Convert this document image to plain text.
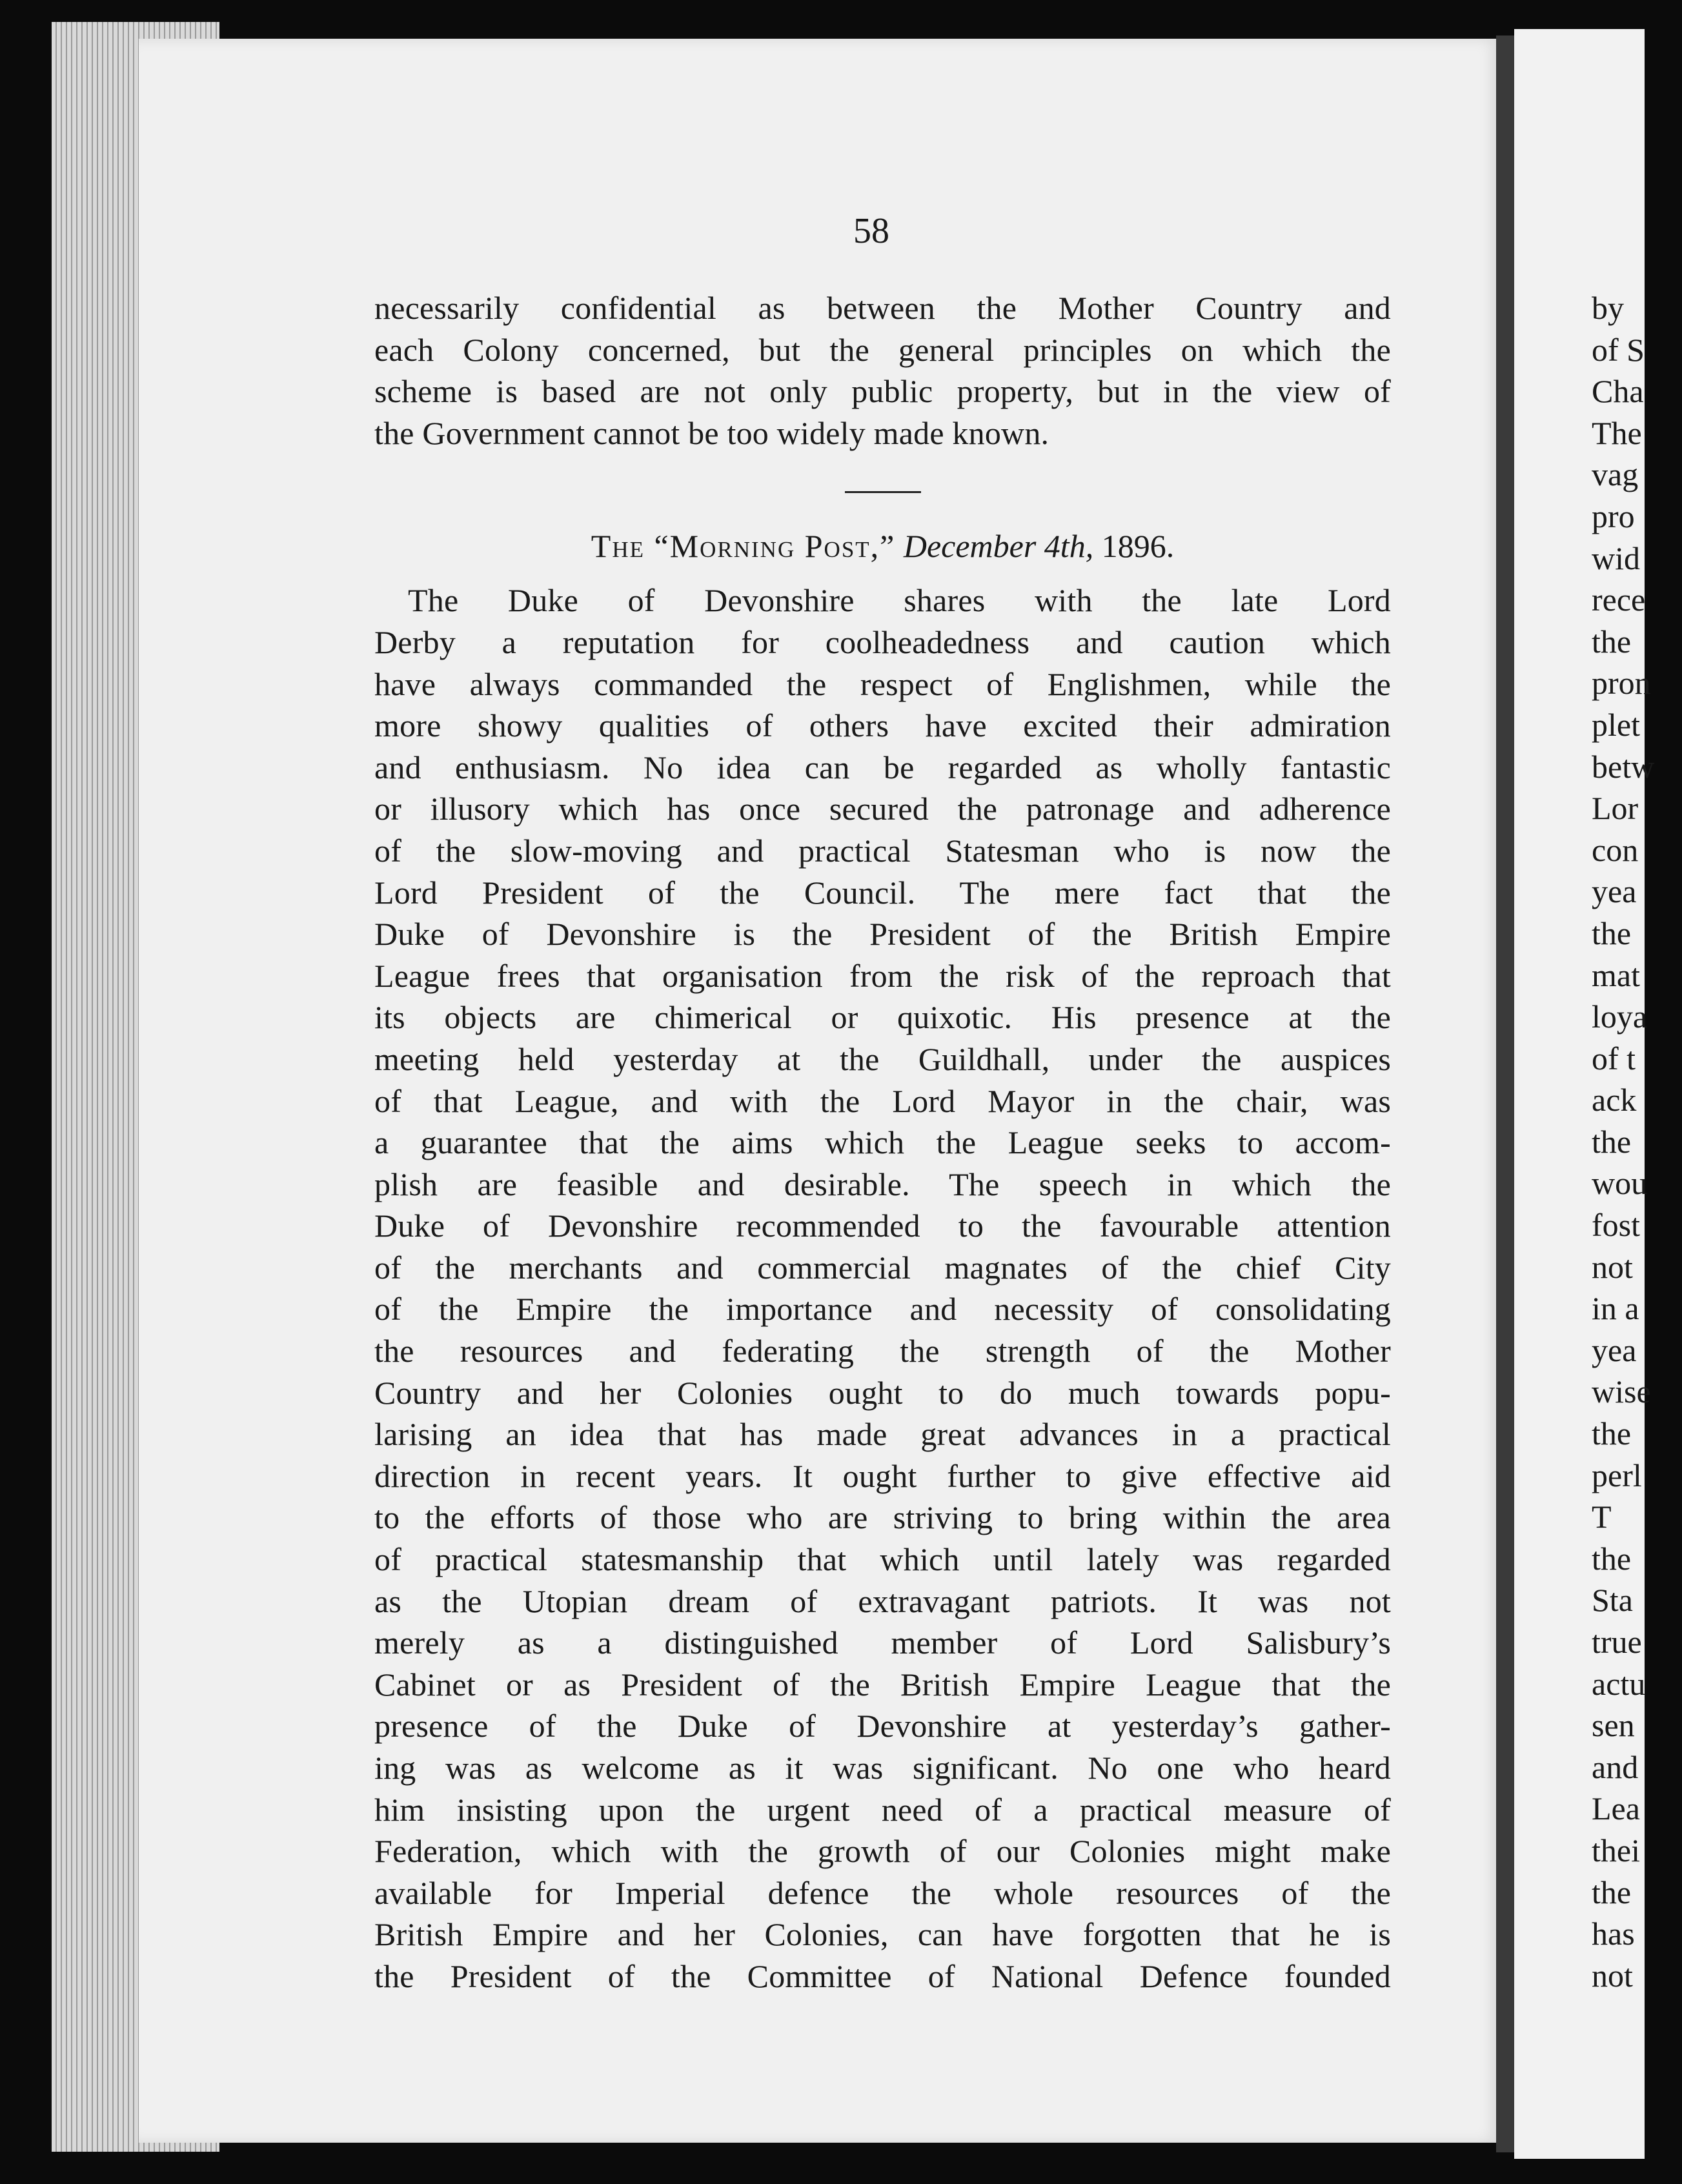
58
necessarily confidential as between the Mother Country and
each Colony concerned, but the general principles on which the
scheme is based are not only public property, but in the view of
the Government cannot be too widely made known.
The “Morning Post,” December 4th, 1896.
The Duke of Devonshire shares with the late Lord
Derby a reputation for coolheadedness and caution which
have always commanded the respect of Englishmen, while the
more showy qualities of others have excited their admiration
and enthusiasm. No idea can be regarded as wholly fantastic
or illusory which has once secured the patronage and adherence
of the slow-moving and practical Statesman who is now the
Lord President of the Council. The mere fact that the
Duke of Devonshire is the President of the British Empire
League frees that organisation from the risk of the reproach that
its objects are chimerical or quixotic. His presence at the
meeting held yesterday at the Guildhall, under the auspices
of that League, and with the Lord Mayor in the chair, was
a guarantee that the aims which the League seeks to accom-
plish are feasible and desirable. The speech in which the
Duke of Devonshire recommended to the favourable attention
of the merchants and commercial magnates of the chief City
of the Empire the importance and necessity of consolidating
the resources and federating the strength of the Mother
Country and her Colonies ought to do much towards popu-
larising an idea that has made great advances in a practical
direction in recent years. It ought further to give effective aid
to the efforts of those who are striving to bring within the area
of practical statesmanship that which until lately was regarded
as the Utopian dream of extravagant patriots. It was not
merely as a distinguished member of Lord Salisbury’s
Cabinet or as President of the British Empire League that the
presence of the Duke of Devonshire at yesterday’s gather-
ing was as welcome as it was significant. No one who heard
him insisting upon the urgent need of a practical measure of
Federation, which with the growth of our Colonies might make
available for Imperial defence the whole resources of the
British Empire and her Colonies, can have forgotten that he is
the President of the Committee of National Defence founded
by
of S
Cha
The
vag
pro
wid
rece
the
pron
plet
betw
Lor
con
yea
the
mat
loya
of t
ack
the
wou
fost
not
in a
yea
wise
the
perl
T
the
Sta
true
actu
sen
and
Lea
thei
the
has
not
